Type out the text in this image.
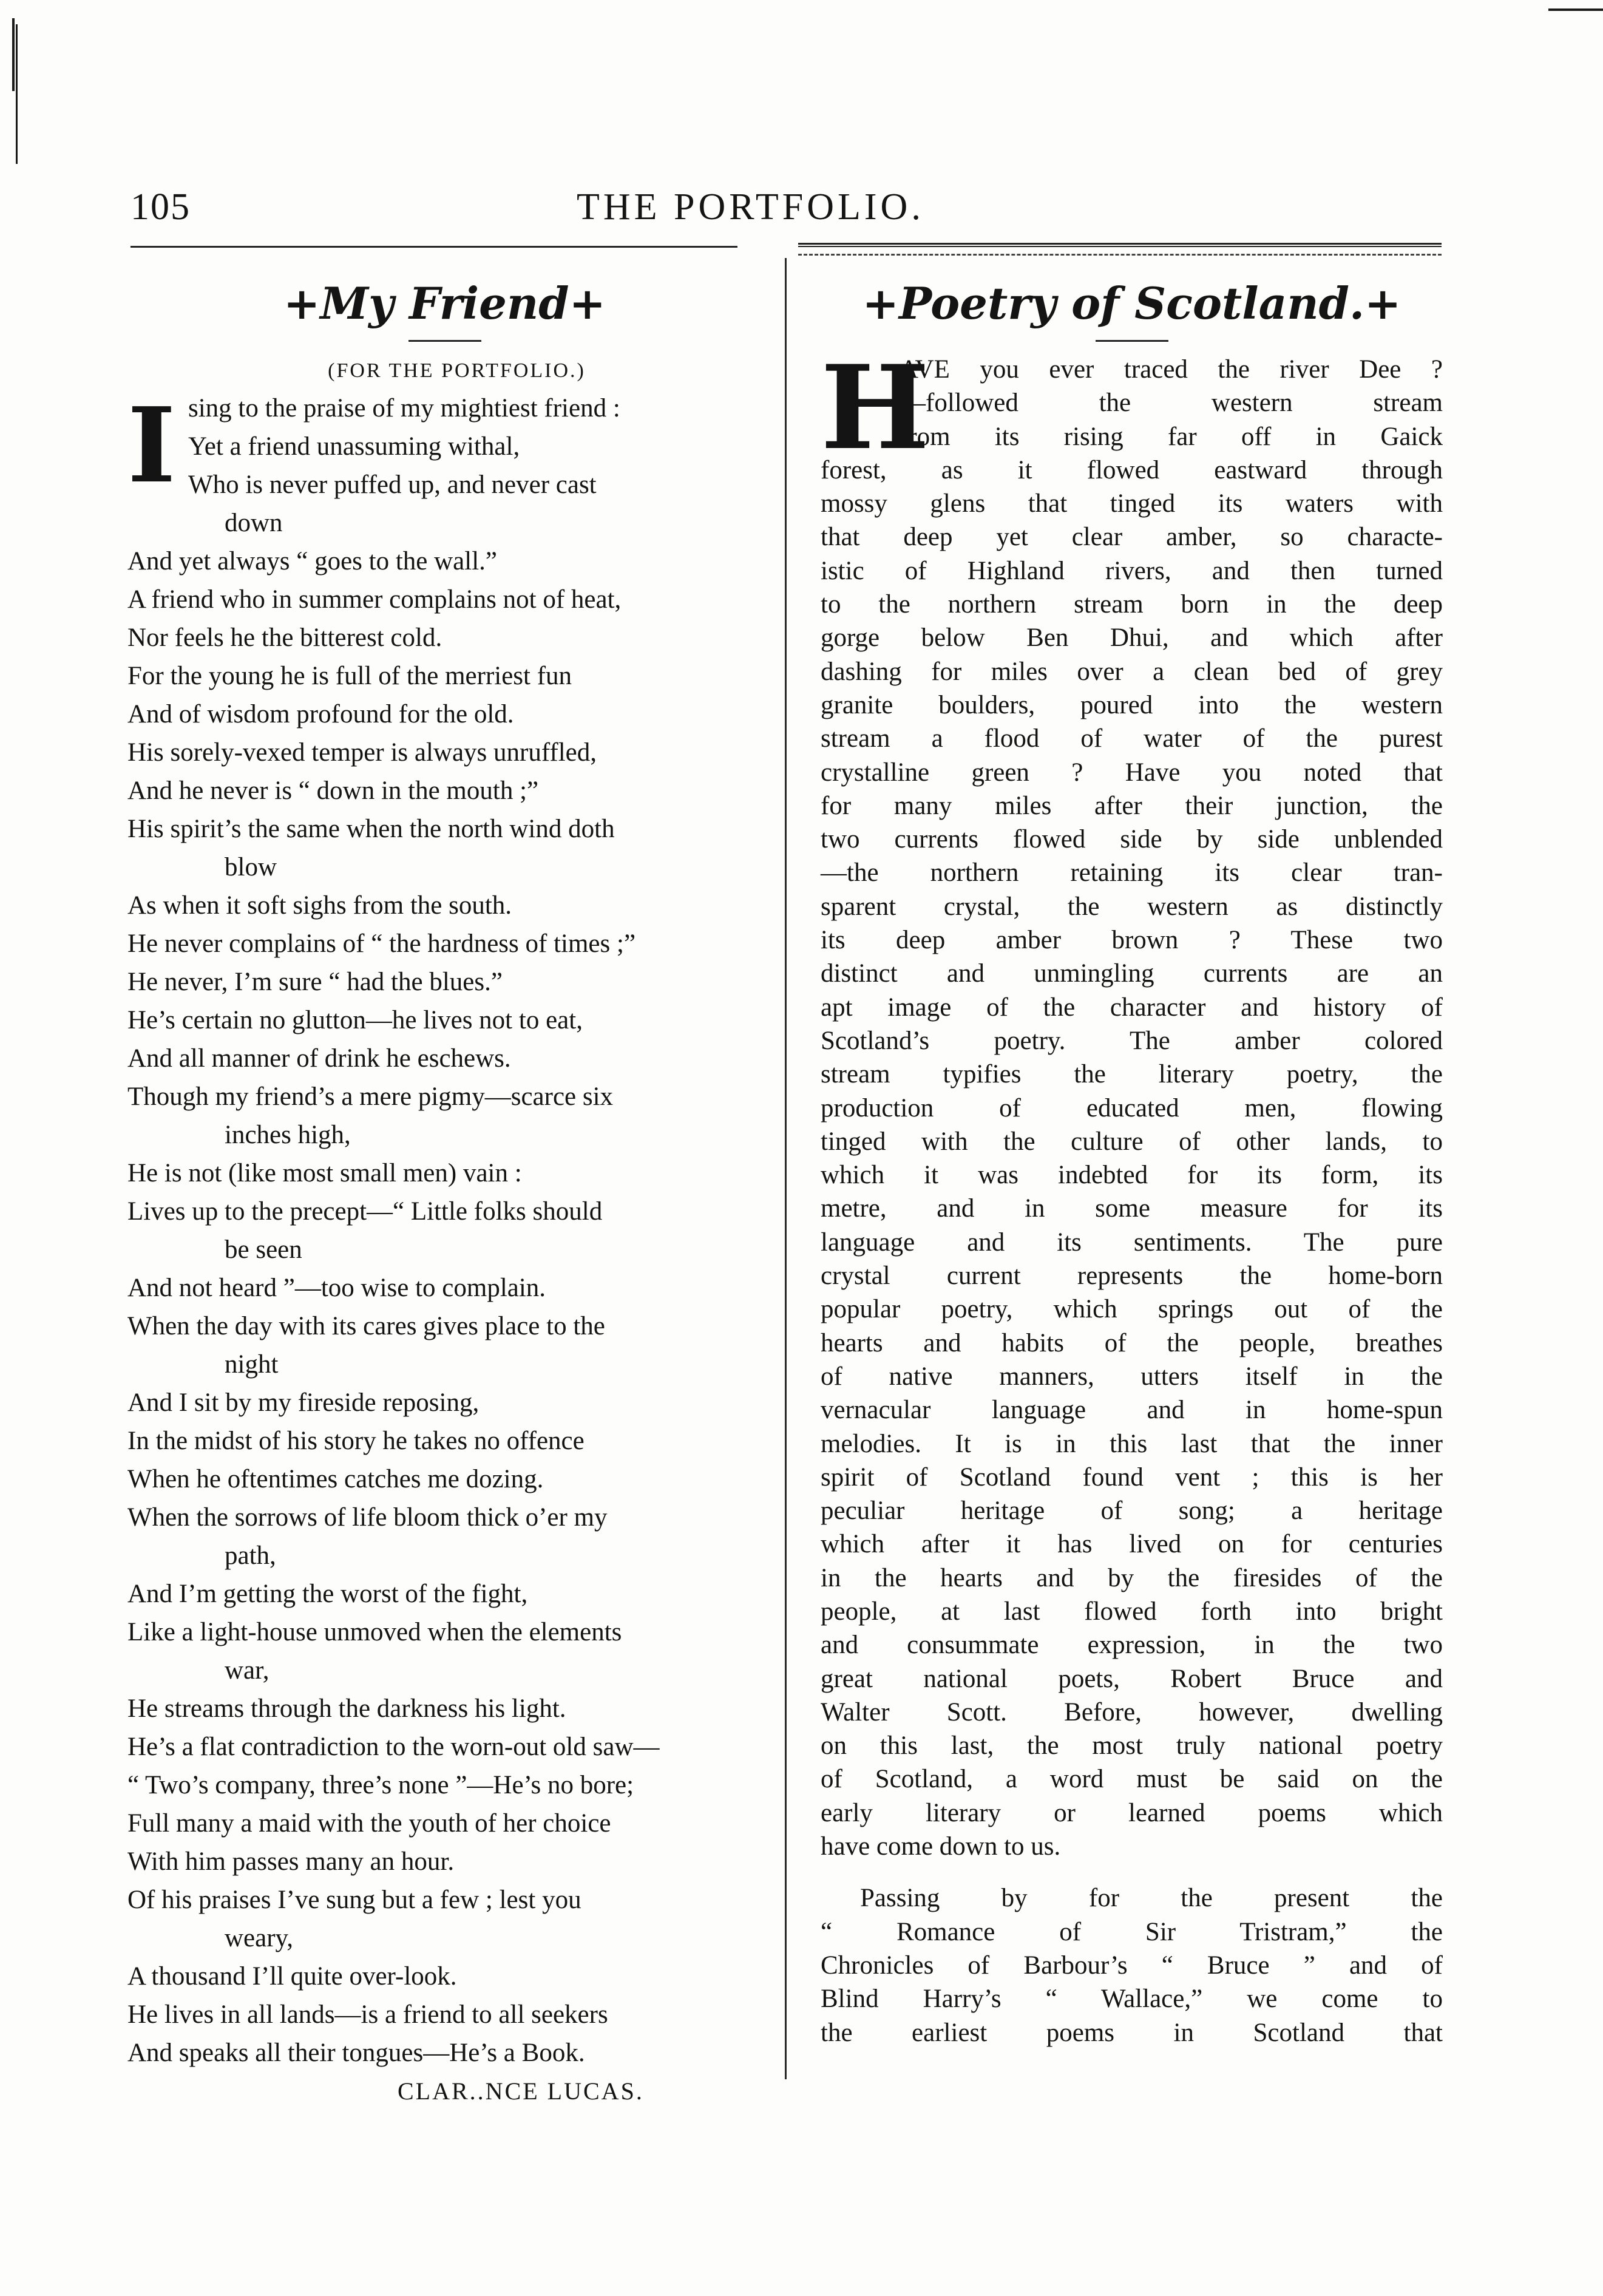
105	THE PORTFOLIO.
+My Friend+
(FOR THE PORTFOLIO.)
I sing to the praise of my mightiest friend :
Yet a friend unassuming withal,
Who is never puffed up, and never cast
down
And yet always “ goes to the wall.”
A friend who in summer complains not of heat,
Nor feels he the bitterest cold.
For the young he is full of the merriest fun
And of wisdom profound for the old.
His sorely-vexed temper is always unruffled,
And he never is “ down in the mouth ;”
His spirit’s the same when the north wind doth
blow
As when it soft sighs from the south.
He never complains of “ the hardness of times ;”
He never, I’m sure “ had the blues.”
He’s certain no glutton—he lives not to eat,
And all manner of drink he eschews.
Though my friend’s a mere pigmy—scarce six
inches high,
He is not (like most small men) vain :
Lives up to the precept—“ Little folks should
be seen
And not heard ”—too wise to complain.
When the day with its cares gives place to the
night
And I sit by my fireside reposing,
In the midst of his story he takes no offence
When he oftentimes catches me dozing.
When the sorrows of life bloom thick o’er my
path,
And I’m getting the worst of the fight,
Like a light-house unmoved when the elements
war,
He streams through the darkness his light.
He’s a flat contradiction to the worn-out old saw—
“ Two’s company, three’s none ”—He’s no bore;
Full many a maid with the youth of her choice
With him passes many an hour.
Of his praises I’ve sung but a few ; lest you
weary,
A thousand I’ll quite over-look.
He lives in all lands—is a friend to all seekers
And speaks all their tongues—He’s a Book.
CLAR..NCE LUCAS.
+Poetry of Scotland.+
H
AVE you ever traced the river Dee ?
—followed the western stream
from its rising far off in Gaick
forest, as it flowed eastward through
mossy glens that tinged its waters with
that deep yet clear amber, so characte-
istic of Highland rivers, and then turned
to the northern stream born in the deep
gorge below Ben Dhui, and which after
dashing for miles over a clean bed of grey
granite boulders, poured into the western
stream a flood of water of the purest
crystalline green ? Have you noted that
for many miles after their junction, the
two currents flowed side by side unblended
—the northern retaining its clear tran-
sparent crystal, the western as distinctly
its deep amber brown ? These two
distinct and unmingling currents are an
apt image of the character and history of
Scotland’s poetry. The amber colored
stream typifies the literary poetry, the
production of educated men, flowing
tinged with the culture of other lands, to
which it was indebted for its form, its
metre, and in some measure for its
language and its sentiments. The pure
crystal current represents the home-born
popular poetry, which springs out of the
hearts and habits of the people, breathes
of native manners, utters itself in the
vernacular language and in home-spun
melodies. It is in this last that the inner
spirit of Scotland found vent ; this is her
peculiar heritage of song; a heritage
which after it has lived on for centuries
in the hearts and by the firesides of the
people, at last flowed forth into bright
and consummate expression, in the two
great national poets, Robert Bruce and
Walter Scott. Before, however, dwelling
on this last, the most truly national poetry
of Scotland, a word must be said on the
early literary or learned poems which
have come down to us.
Passing by for the present the
“ Romance of Sir Tristram,” the
Chronicles of Barbour’s “ Bruce ” and of
Blind Harry’s “ Wallace,” we come to
the earliest poems in Scotland that
